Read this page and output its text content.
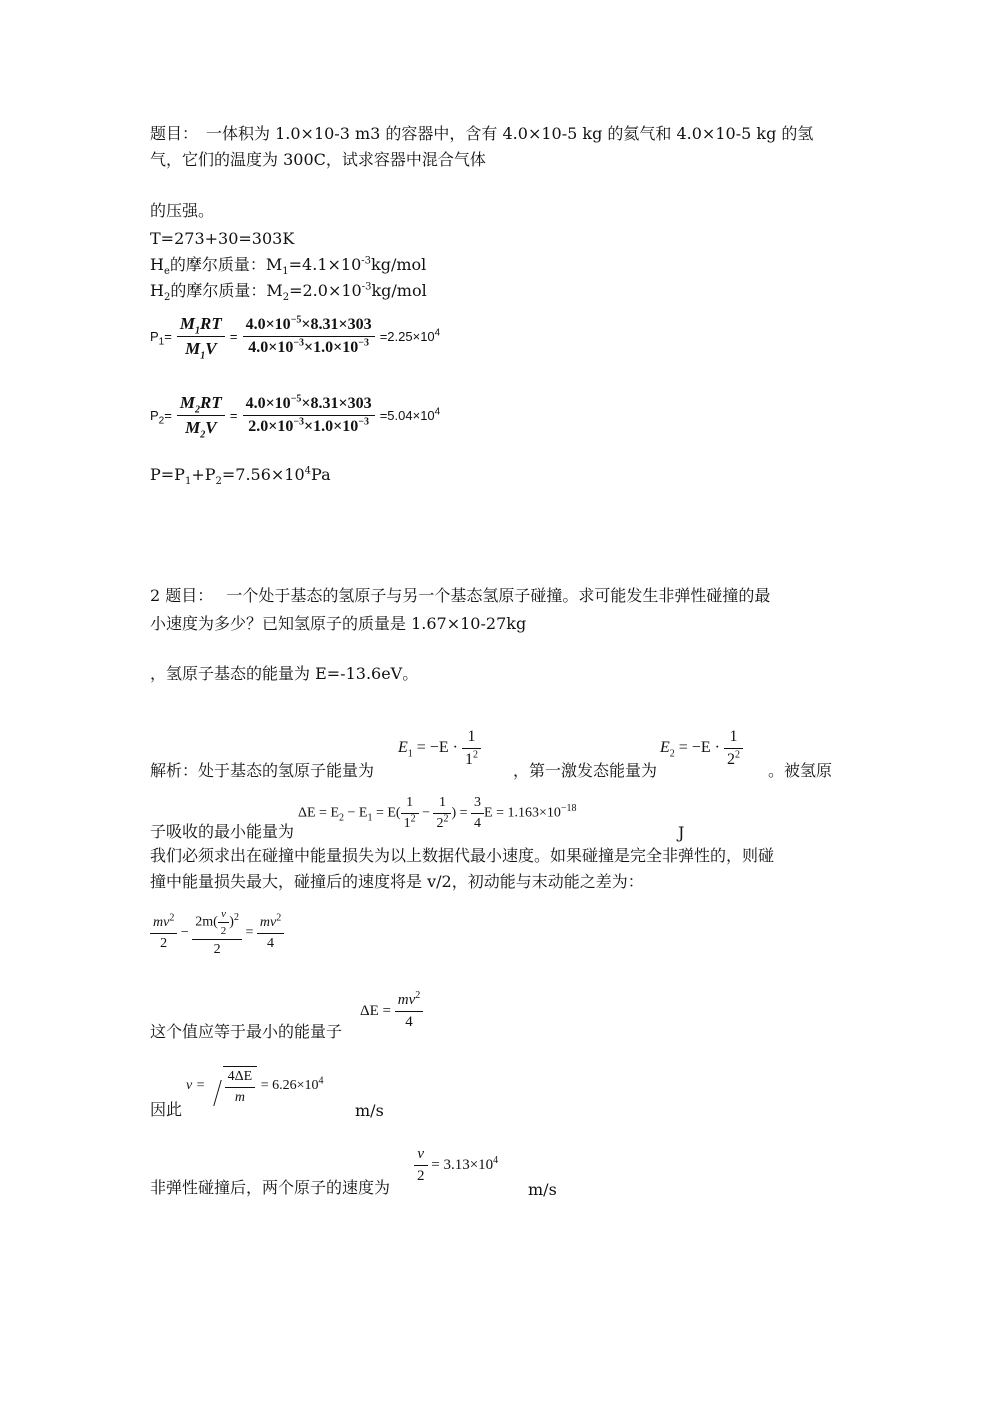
题目：　一体积为 1.0×10-3 m3 的容器中，含有 4.0×10-5 kg 的氦气和 4.0×10-5 kg 的氢
气，它们的温度为 300C，试求容器中混合气体
的压强。
T=273+30=303K
$H_e$的摩尔质量：$M_1=4.1\times 10^{-3}kg$/mol
$H_2$的摩尔质量：$M_2=2.0\times 10^{-3}kg$/mol
$P_1= \frac{M_1RT}{M_1V} = \frac{4.0\times 10^{-5}\times 8.31\times 303}{4.0\times 10^{-3}\times 1.0\times 10^{-3}} =2.25\times 10^4$
$P_2= \frac{M_2RT}{M_2V} = \frac{4.0\times 10^{-5}\times 8.31\times 303}{2.0\times 10^{-3}\times 1.0\times 10^{-3}} =5.04\times 10^4$
$P=P_1+P_2=7.56\times 10^4Pa$
2 题目：　 一个处于基态的氢原子与另一个基态氢原子碰撞。求可能发生非弹性碰撞的最
小速度为多少？已知氢原子的质量是 1.67×10-27kg
，氢原子基态的能量为 E=-13.6eV。
解析：处于基态的氢原子能量为
$E_1 = -E \cdot \frac{1}{1^2}$
，第一激发态能量为
$E_2 = -E \cdot \frac{1}{2^2}$
。被氢原
子吸收的最小能量为
$\Delta E = E_2 - E_1 = E( \frac{1}{1^2} - \frac{1}{2^2}$ ) = $\frac{3}{4}$ $E = 1.163\times 10^{-18}$
J
我们必须求出在碰撞中能量损失为以上数据代最小速度。如果碰撞是完全非弹性的，则碰
撞中能量损失最大，碰撞后的速度将是 v/2，初动能与末动能之差为：
$\frac{mv^2}{2} - \frac{2m( \frac{v}{2} )^2}{2} = \frac{mv^2}{4}$
这个值应等于最小的能量子
$\Delta E = \frac{mv^2}{4}$
因此
$v = \frac{4\Delta E}{m} = 6.26\times 10^4$
m/s
非弹性碰撞后，两个原子的速度为
$\frac{v}{2} = 3.13\times 10^4$
m/s
